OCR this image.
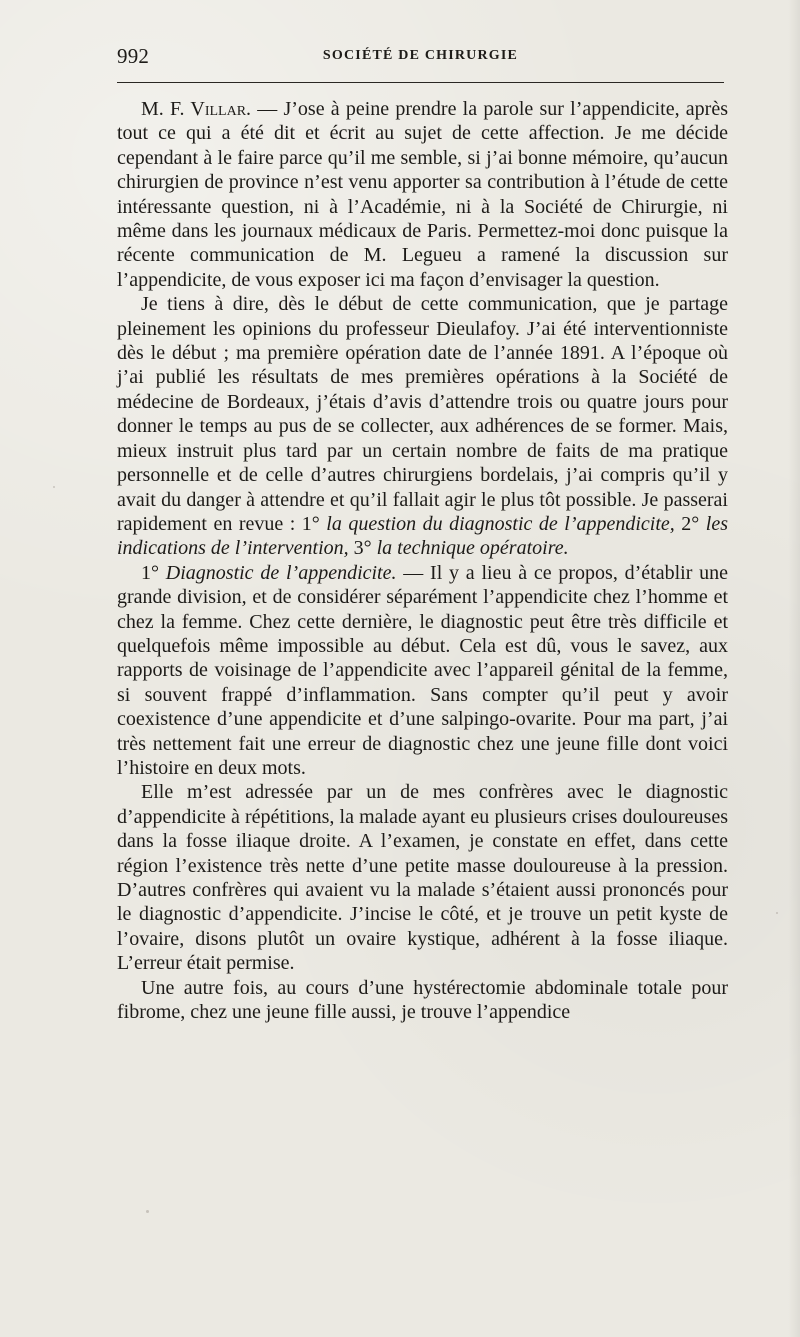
992	SOCIÉTÉ DE CHIRURGIE

M. F. Villar. — J’ose à peine prendre la parole sur l’appendicite, après tout ce qui a été dit et écrit au sujet de cette affection. Je me décide cependant à le faire parce qu’il me semble, si j’ai bonne mémoire, qu’aucun chirurgien de province n’est venu apporter sa contribution à l’étude de cette intéressante question, ni à l’Académie, ni à la Société de Chirurgie, ni même dans les journaux médicaux de Paris. Permettez-moi donc puisque la récente communication de M. Legueu a ramené la discussion sur l’appendicite, de vous exposer ici ma façon d’envisager la question.

Je tiens à dire, dès le début de cette communication, que je partage pleinement les opinions du professeur Dieulafoy. J’ai été interventionniste dès le début ; ma première opération date de l’année 1891. A l’époque où j’ai publié les résultats de mes premières opérations à la Société de médecine de Bordeaux, j’étais d’avis d’attendre trois ou quatre jours pour donner le temps au pus de se collecter, aux adhérences de se former. Mais, mieux instruit plus tard par un certain nombre de faits de ma pratique personnelle et de celle d’autres chirurgiens bordelais, j’ai compris qu’il y avait du danger à attendre et qu’il fallait agir le plus tôt possible. Je passerai rapidement en revue : 1° la question du diagnostic de l’appendicite, 2° les indications de l’intervention, 3° la technique opératoire.

1° Diagnostic de l’appendicite. — Il y a lieu à ce propos, d’établir une grande division, et de considérer séparément l’appendicite chez l’homme et chez la femme. Chez cette dernière, le diagnostic peut être très difficile et quelquefois même impossible au début. Cela est dû, vous le savez, aux rapports de voisinage de l’appendicite avec l’appareil génital de la femme, si souvent frappé d’inflammation. Sans compter qu’il peut y avoir coexistence d’une appendicite et d’une salpingo-ovarite. Pour ma part, j’ai très nettement fait une erreur de diagnostic chez une jeune fille dont voici l’histoire en deux mots.

Elle m’est adressée par un de mes confrères avec le diagnostic d’appendicite à répétitions, la malade ayant eu plusieurs crises douloureuses dans la fosse iliaque droite. A l’examen, je constate en effet, dans cette région l’existence très nette d’une petite masse douloureuse à la pression. D’autres confrères qui avaient vu la malade s’étaient aussi prononcés pour le diagnostic d’appendicite. J’incise le côté, et je trouve un petit kyste de l’ovaire, disons plutôt un ovaire kystique, adhérent à la fosse iliaque. L’erreur était permise.

Une autre fois, au cours d’une hystérectomie abdominale totale pour fibrome, chez une jeune fille aussi, je trouve l’appendice
